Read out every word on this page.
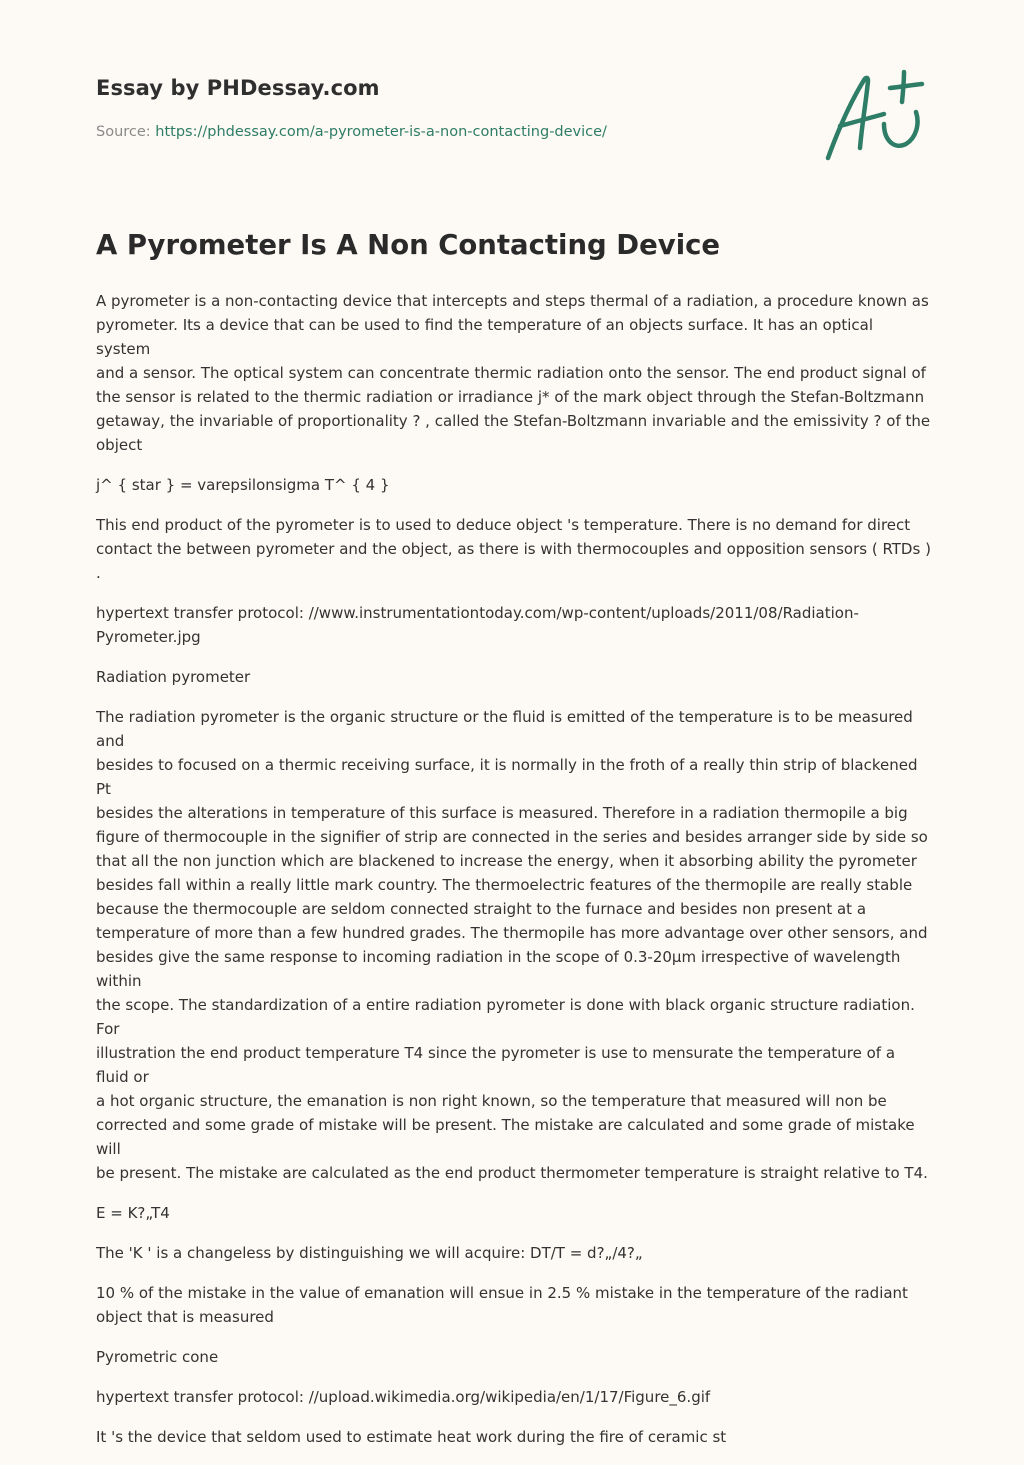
Essay by PHDessay.com
Source: https://phdessay.com/a-pyrometer-is-a-non-contacting-device/
A Pyrometer Is A Non Contacting Device

A pyrometer is a non-contacting device that intercepts and steps thermal of a radiation, a procedure known as
pyrometer. Its a device that can be used to find the temperature of an objects surface. It has an optical system
and a sensor. The optical system can concentrate thermic radiation onto the sensor. The end product signal of
the sensor is related to the thermic radiation or irradiance j* of the mark object through the Stefan-Boltzmann
getaway, the invariable of proportionality ? , called the Stefan-Boltzmann invariable and the emissivity ? of the
object

j^ { star } = varepsilonsigma T^ { 4 }

This end product of the pyrometer is to used to deduce object 's temperature. There is no demand for direct
contact the between pyrometer and the object, as there is with thermocouples and opposition sensors ( RTDs ) .

hypertext transfer protocol: //www.instrumentationtoday.com/wp-content/uploads/2011/08/Radiation-
Pyrometer.jpg

Radiation pyrometer

The radiation pyrometer is the organic structure or the fluid is emitted of the temperature is to be measured and
besides to focused on a thermic receiving surface, it is normally in the froth of a really thin strip of blackened Pt
besides the alterations in temperature of this surface is measured. Therefore in a radiation thermopile a big
figure of thermocouple in the signifier of strip are connected in the series and besides arranger side by side so
that all the non junction which are blackened to increase the energy, when it absorbing ability the pyrometer
besides fall within a really little mark country. The thermoelectric features of the thermopile are really stable
because the thermocouple are seldom connected straight to the furnace and besides non present at a
temperature of more than a few hundred grades. The thermopile has more advantage over other sensors, and
besides give the same response to incoming radiation in the scope of 0.3-20µm irrespective of wavelength within
the scope. The standardization of a entire radiation pyrometer is done with black organic structure radiation. For
illustration the end product temperature T4 since the pyrometer is use to mensurate the temperature of a fluid or
a hot organic structure, the emanation is non right known, so the temperature that measured will non be
corrected and some grade of mistake will be present. The mistake are calculated and some grade of mistake will
be present. The mistake are calculated as the end product thermometer temperature is straight relative to T4.

E = K?„T4

The 'K ' is a changeless by distinguishing we will acquire: DT/T = d?„/4?„

10 % of the mistake in the value of emanation will ensue in 2.5 % mistake in the temperature of the radiant
object that is measured

Pyrometric cone

hypertext transfer protocol: //upload.wikimedia.org/wikipedia/en/1/17/Figure_6.gif

It 's the device that seldom used to estimate heat work during the fire of ceramic st
